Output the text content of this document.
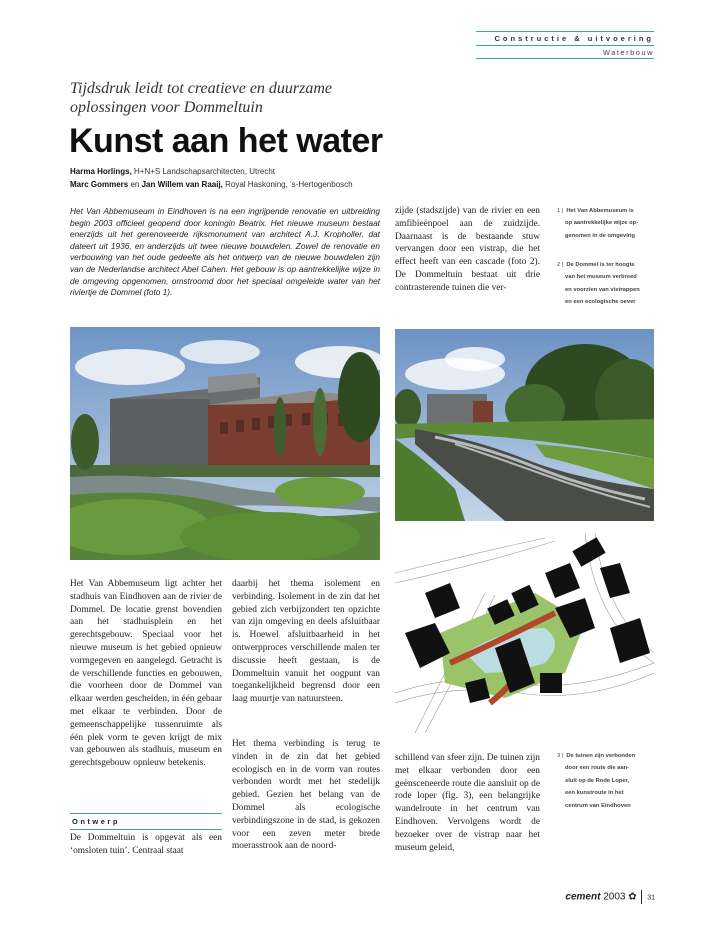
Constructie & uitvoering
Waterbouw
Tijdsdruk leidt tot creatieve en duurzame oplossingen voor Dommeltuin
Kunst aan het water
Harma Horlings, H+N+S Landschapsarchitecten, Utrecht
Marc Gommers en Jan Willem van Raaij, Royal Haskoning, ’s-Hertogenbosch
Het Van Abbemuseum in Eindhoven is na een ingrijpende renovatie en uitbreiding begin 2003 officieel geopend door koningin Beatrix. Het nieuwe museum bestaat enerzijds uit het gerenoveerde rijksmonument van architect A.J. Kropholler, dat dateert uit 1936, en anderzijds uit twee nieuwe bouwdelen. Zowel de renovatie en verbouwing van het oude gedeelte als het ontwerp van de nieuwe bouwdelen zijn van de Nederlandse architect Abel Cahen. Het gebouw is op aantrekkelijke wijze in de omgeving opgenomen, omstroomd door het speciaal omgeleide water van het riviertje de Dommel (foto 1).
zijde (stadszijde) van de rivier en een amfibieënpoel aan de zuidzijde. Daarnaast is de bestaande stuw vervangen door een vistrap, die het effect heeft van een cascade (foto 2). De Dommeltuin bestaat uit drie contrasterende tuinen die ver-
1 | Het Van Abbemuseum is
op aantrekkelijke wijze op-
genomen in de omgeving
2 | De Dommel is ter hoogte
van het museum verbreed
en voorzien van vistrappen
en een ecologische oever
Het Van Abbemuseum ligt achter het stadhuis van Eindhoven aan de rivier de Dommel. De locatie grenst bovendien aan het stadhuisplein en het gerechtsgebouw. Speciaal voor het nieuwe museum is het gebied opnieuw vormgegeven en aangelegd. Getracht is de verschillende functies en gebouwen, die voorheen door de Dommel van elkaar werden gescheiden, in één gebaar met elkaar te verbinden. Door de gemeenschappelijke tussenruimte als één plek vorm te geven krijgt de mix van gebouwen als stadhuis, museum en gerechtsgebouw opnieuw betekenis.
Ontwerp
De Dommeltuin is opgevat als een ‘omsloten tuin’. Centraal staat
daarbij het thema isolement en verbinding. Isolement in de zin dat het gebied zich verbijzondert ten opzichte van zijn omgeving en deels afsluitbaar is. Hoewel afsluitbaarheid in het ontwerpproces verschillende malen ter discussie heeft gestaan, is de Dommeltuin vanuit het oogpunt van toegankelijkheid begrensd door een laag muurtje van natuursteen.
Het thema verbinding is terug te vinden in de zin dat het gebied ecologisch en in de vorm van routes verbonden wordt met het stedelijk gebied. Gezien het belang van de Dommel als ecologische verbindingszone in de stad, is gekozen voor een zeven meter brede moerasstrook aan de noord-
schillend van sfeer zijn. De tuinen zijn met elkaar verbonden door een geënsceneerde route die aansluit op de rode loper (fig. 3), een belangrijke wandelroute in het centrum van Eindhoven. Vervolgens wordt de bezoeker over de vistrap naar het museum geleid,
3 | De tuinen zijn verbonden
door een route die aan-
sluit op de Rode Loper,
een kunstroute in het
centrum van Eindhoven
cement 2003 ✿ 31
